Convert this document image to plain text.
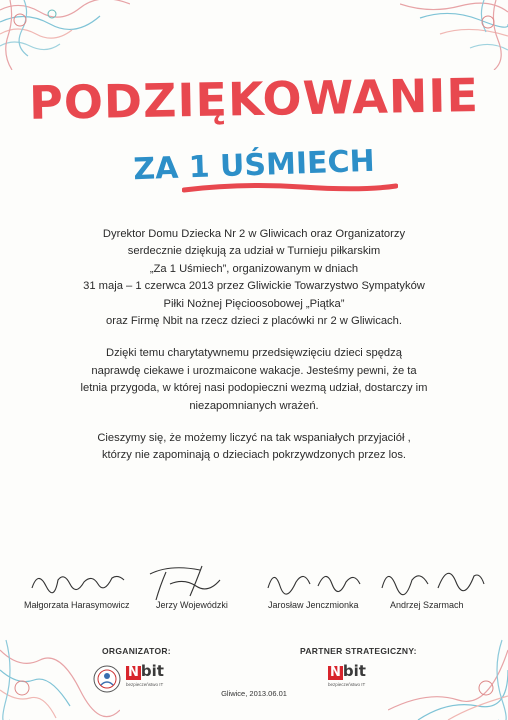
PODZIĘKOWANIE
ZA 1 UŚMIECH

Dyrektor Domu Dziecka Nr 2 w Gliwicach oraz Organizatorzy
serdecznie dziękują za udział w Turnieju piłkarskim
„Za 1 Uśmiech”, organizowanym w dniach
31 maja – 1 czerwca 2013 przez Gliwickie Towarzystwo Sympatyków
Piłki Nożnej Pięcioosobowej „Piątka”
oraz Firmę Nbit na rzecz dzieci z placówki nr 2 w Gliwicach.

Dzięki temu charytatywnemu przedsięwzięciu dzieci spędzą
naprawdę ciekawe i urozmaicone wakacje. Jesteśmy pewni, że ta
letnia przygoda, w której nasi podopieczni wezmą udział, dostarczy im
niezapomnianych wrażeń.

Cieszymy się, że możemy liczyć na tak wspaniałych przyjaciół ,
którzy nie zapominają o dzieciach pokrzywdzonych przez los.

Małgorzata Harasymowicz	Jerzy Wojewódzki	Jarosław Jenczmionka	Andrzej Szarmach
ORGANIZATOR:	PARTNER STRATEGICZNY:
N bit
bezpieczeństwo IT
N bit
bezpieczeństwo IT
Gliwice, 2013.06.01
